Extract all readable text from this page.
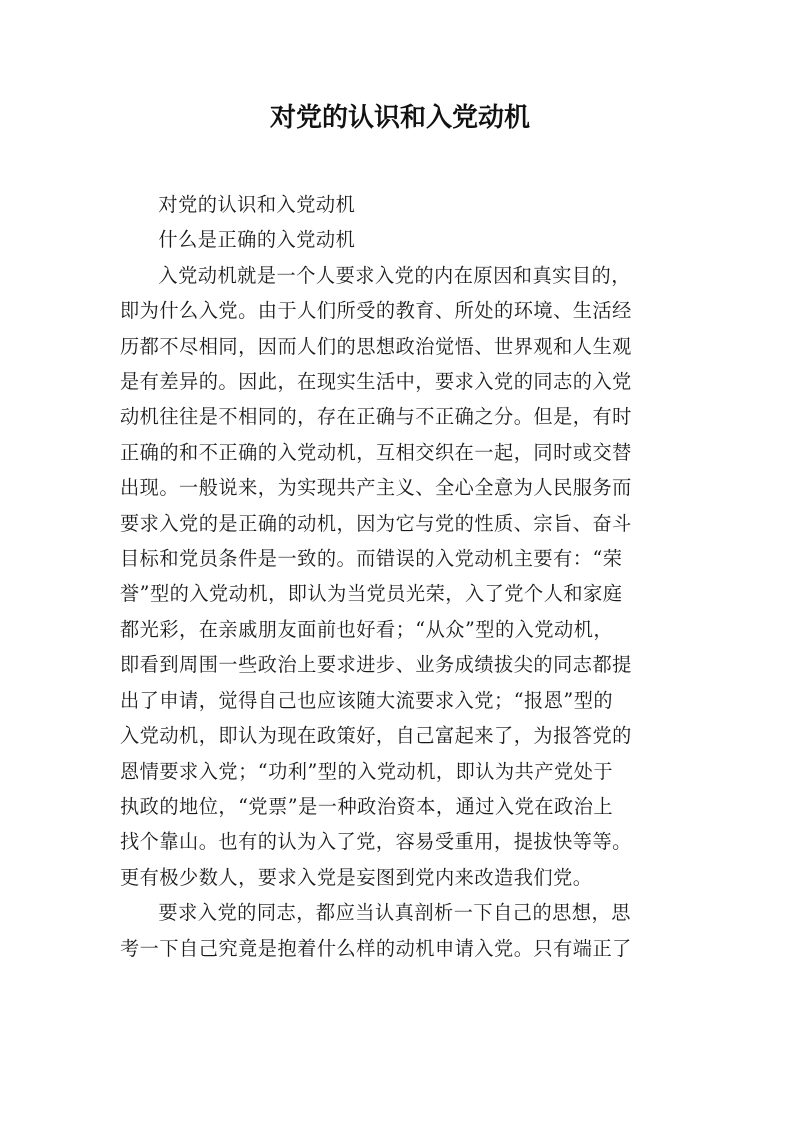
对党的认识和入党动机

对党的认识和入党动机

什么是正确的入党动机

入党动机就是一个人要求入党的内在原因和真实目的，
即为什么入党。由于人们所受的教育、所处的环境、生活经
历都不尽相同，因而人们的思想政治觉悟、世界观和人生观
是有差异的。因此，在现实生活中，要求入党的同志的入党
动机往往是不相同的，存在正确与不正确之分。但是，有时
正确的和不正确的入党动机，互相交织在一起，同时或交替
出现。一般说来，为实现共产主义、全心全意为人民服务而
要求入党的是正确的动机，因为它与党的性质、宗旨、奋斗
目标和党员条件是一致的。而错误的入党动机主要有：“荣
誉”型的入党动机，即认为当党员光荣，入了党个人和家庭
都光彩，在亲戚朋友面前也好看；“从众”型的入党动机，
即看到周围一些政治上要求进步、业务成绩拔尖的同志都提
出了申请，觉得自己也应该随大流要求入党；“报恩”型的
入党动机，即认为现在政策好，自己富起来了，为报答党的
恩情要求入党；“功利”型的入党动机，即认为共产党处于
执政的地位，“党票”是一种政治资本，通过入党在政治上
找个靠山。也有的认为入了党，容易受重用，提拔快等等。
更有极少数人，要求入党是妄图到党内来改造我们党。

要求入党的同志，都应当认真剖析一下自己的思想，思
考一下自己究竟是抱着什么样的动机申请入党。只有端正了
